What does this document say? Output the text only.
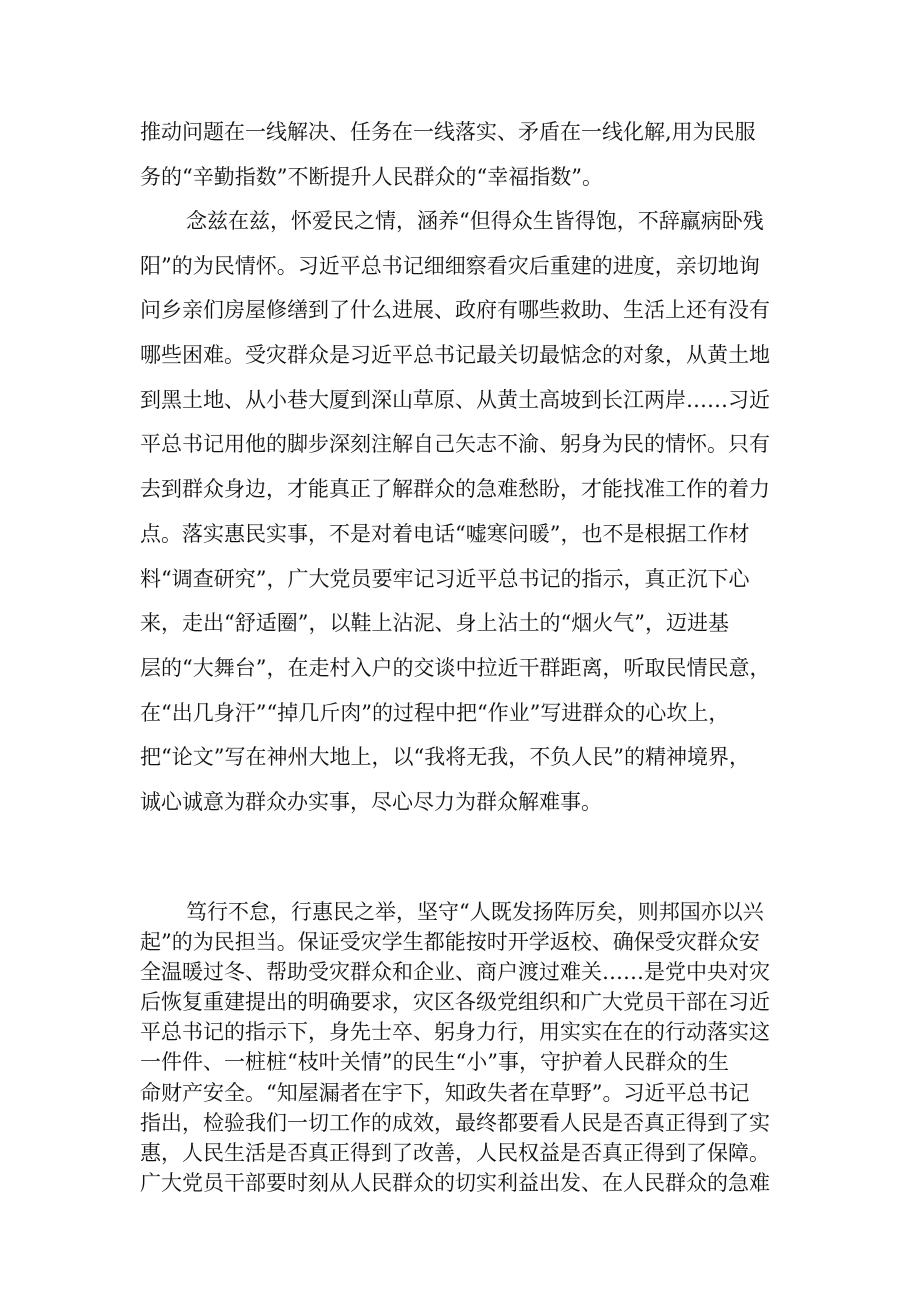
推动问题在一线解决、任务在一线落实、矛盾在一线化解,用为民服
务的“辛勤指数”不断提升人民群众的“幸福指数”。
念兹在兹，怀爱民之情，涵养“但得众生皆得饱，不辞羸病卧残
阳”的为民情怀。习近平总书记细细察看灾后重建的进度，亲切地询
问乡亲们房屋修缮到了什么进展、政府有哪些救助、生活上还有没有
哪些困难。受灾群众是习近平总书记最关切最惦念的对象，从黄土地
到黑土地、从小巷大厦到深山草原、从黄土高坡到长江两岸……习近
平总书记用他的脚步深刻注解自己矢志不渝、躬身为民的情怀。只有
去到群众身边，才能真正了解群众的急难愁盼，才能找准工作的着力
点。落实惠民实事，不是对着电话“嘘寒问暖”，也不是根据工作材
料“调查研究”，广大党员要牢记习近平总书记的指示，真正沉下心
来，走出“舒适圈”，以鞋上沾泥、身上沾土的“烟火气”，迈进基
层的“大舞台”，在走村入户的交谈中拉近干群距离，听取民情民意，
在“出几身汗”“掉几斤肉”的过程中把“作业”写进群众的心坎上，
把“论文”写在神州大地上，以“我将无我，不负人民”的精神境界，
诚心诚意为群众办实事，尽心尽力为群众解难事。
笃行不怠，行惠民之举，坚守“人既发扬阵厉矣，则邦国亦以兴
起”的为民担当。保证受灾学生都能按时开学返校、确保受灾群众安
全温暖过冬、帮助受灾群众和企业、商户渡过难关……是党中央对灾
后恢复重建提出的明确要求，灾区各级党组织和广大党员干部在习近
平总书记的指示下，身先士卒、躬身力行，用实实在在的行动落实这
一件件、一桩桩“枝叶关情”的民生“小”事，守护着人民群众的生
命财产安全。“知屋漏者在宇下，知政失者在草野”。习近平总书记
指出，检验我们一切工作的成效，最终都要看人民是否真正得到了实
惠，人民生活是否真正得到了改善，人民权益是否真正得到了保障。
广大党员干部要时刻从人民群众的切实利益出发、在人民群众的急难
